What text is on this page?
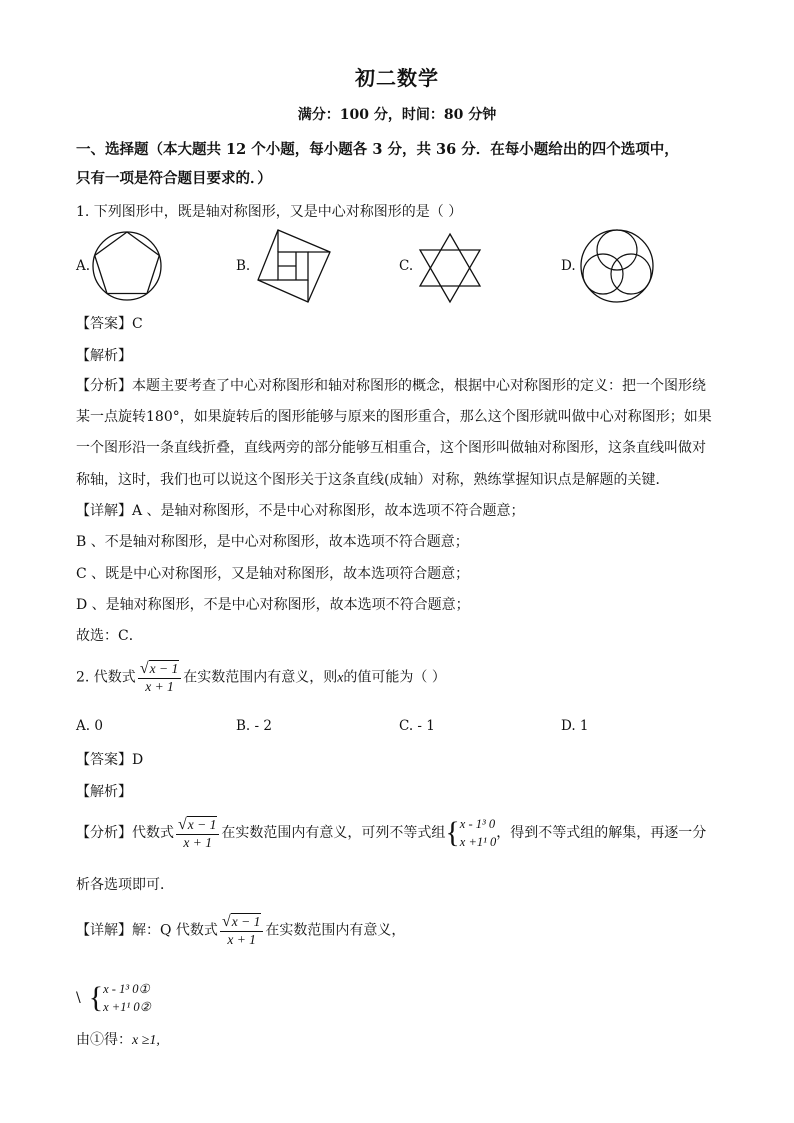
初二数学
满分：100 分，时间：80 分钟
一、选择题（本大题共 12 个小题，每小题各 3 分，共 36 分．在每小题给出的四个选项中，
只有一项是符合题目要求的．）
1. 下列图形中，既是轴对称图形，又是中心对称图形的是（ ）
A.	B.	C.	D.
【答案】C
【解析】
【分析】本题主要考查了中心对称图形和轴对称图形的概念，根据中心对称图形的定义：把一个图形绕
某一点旋转180°，如果旋转后的图形能够与原来的图形重合，那么这个图形就叫做中心对称图形；如果
一个图形沿一条直线折叠，直线两旁的部分能够互相重合，这个图形叫做轴对称图形，这条直线叫做对
称轴，这时，我们也可以说这个图形关于这条直线(成轴）对称，熟练掌握知识点是解题的关键．
【详解】A 、是轴对称图形，不是中心对称图形，故本选项不符合题意；
B 、不是轴对称图形，是中心对称图形，故本选项不符合题意；
C 、既是中心对称图形，又是轴对称图形，故本选项符合题意；
D 、是轴对称图形，不是中心对称图形，故本选项不符合题意；
故选：C．
2. 代数式 $\frac{√x - 1}{x + 1}$ 在实数范围内有意义，则x的值可能为（ ）
A. 0	B. - 2	C. - 1	D. 1
【答案】D
【解析】
【分析】代数式 $\frac{√x - 1}{x + 1}$ 在实数范围内有意义，可列不等式组{x - 1³ 0
x +1¹ 0，得到不等式组的解集，再逐一分
析各选项即可．
【详解】解：Q 代数式 $\frac{√x - 1}{x + 1}$ 在实数范围内有意义，
\ {x - 1³ 0①
x +1¹ 0②
由①得：x ≥1,
